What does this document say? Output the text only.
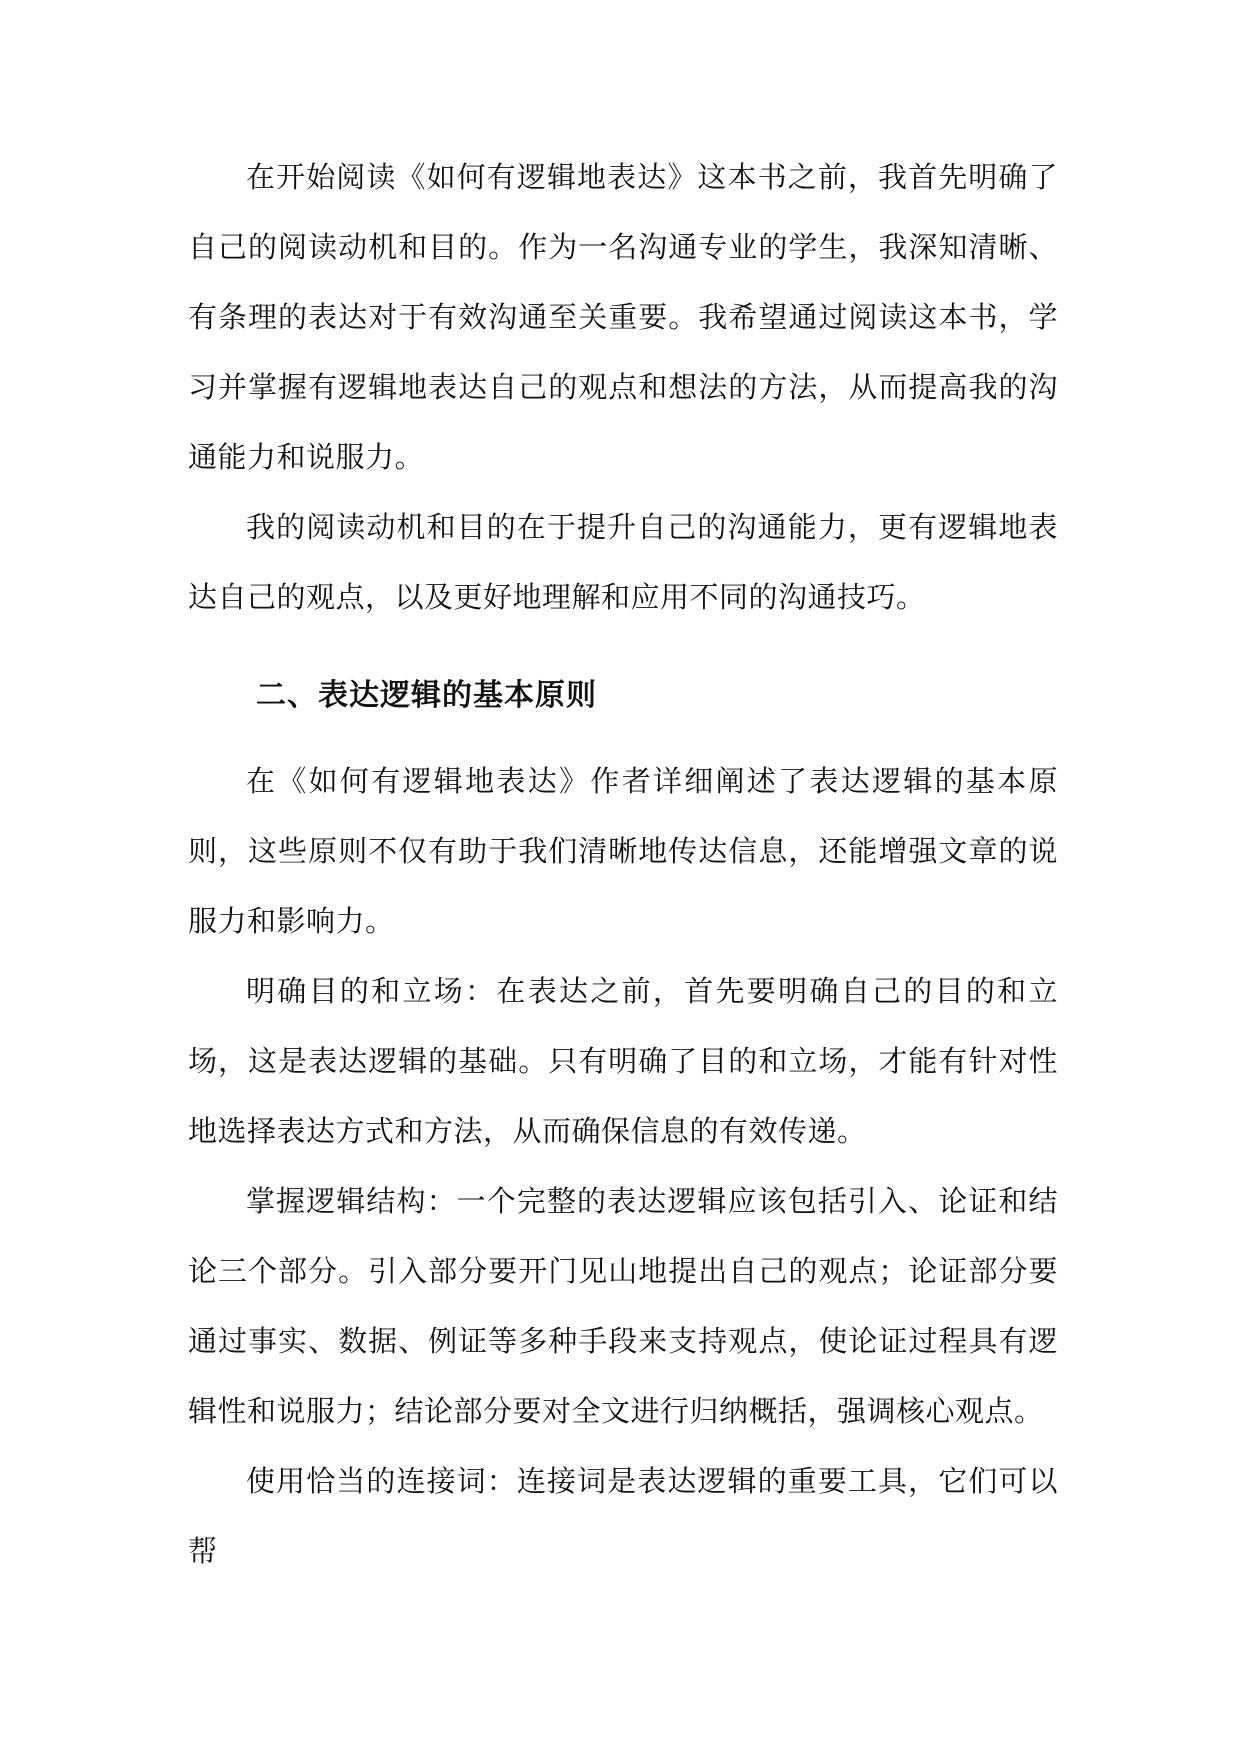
在开始阅读《如何有逻辑地表达》这本书之前，我首先明确了自己的阅读动机和目的。作为一名沟通专业的学生，我深知清晰、有条理的表达对于有效沟通至关重要。我希望通过阅读这本书，学习并掌握有逻辑地表达自己的观点和想法的方法，从而提高我的沟通能力和说服力。

我的阅读动机和目的在于提升自己的沟通能力，更有逻辑地表达自己的观点，以及更好地理解和应用不同的沟通技巧。

二、表达逻辑的基本原则

在《如何有逻辑地表达》作者详细阐述了表达逻辑的基本原则，这些原则不仅有助于我们清晰地传达信息，还能增强文章的说服力和影响力。

明确目的和立场：在表达之前，首先要明确自己的目的和立场，这是表达逻辑的基础。只有明确了目的和立场，才能有针对性地选择表达方式和方法，从而确保信息的有效传递。

掌握逻辑结构：一个完整的表达逻辑应该包括引入、论证和结论三个部分。引入部分要开门见山地提出自己的观点；论证部分要通过事实、数据、例证等多种手段来支持观点，使论证过程具有逻辑性和说服力；结论部分要对全文进行归纳概括，强调核心观点。

使用恰当的连接词：连接词是表达逻辑的重要工具，它们可以帮
